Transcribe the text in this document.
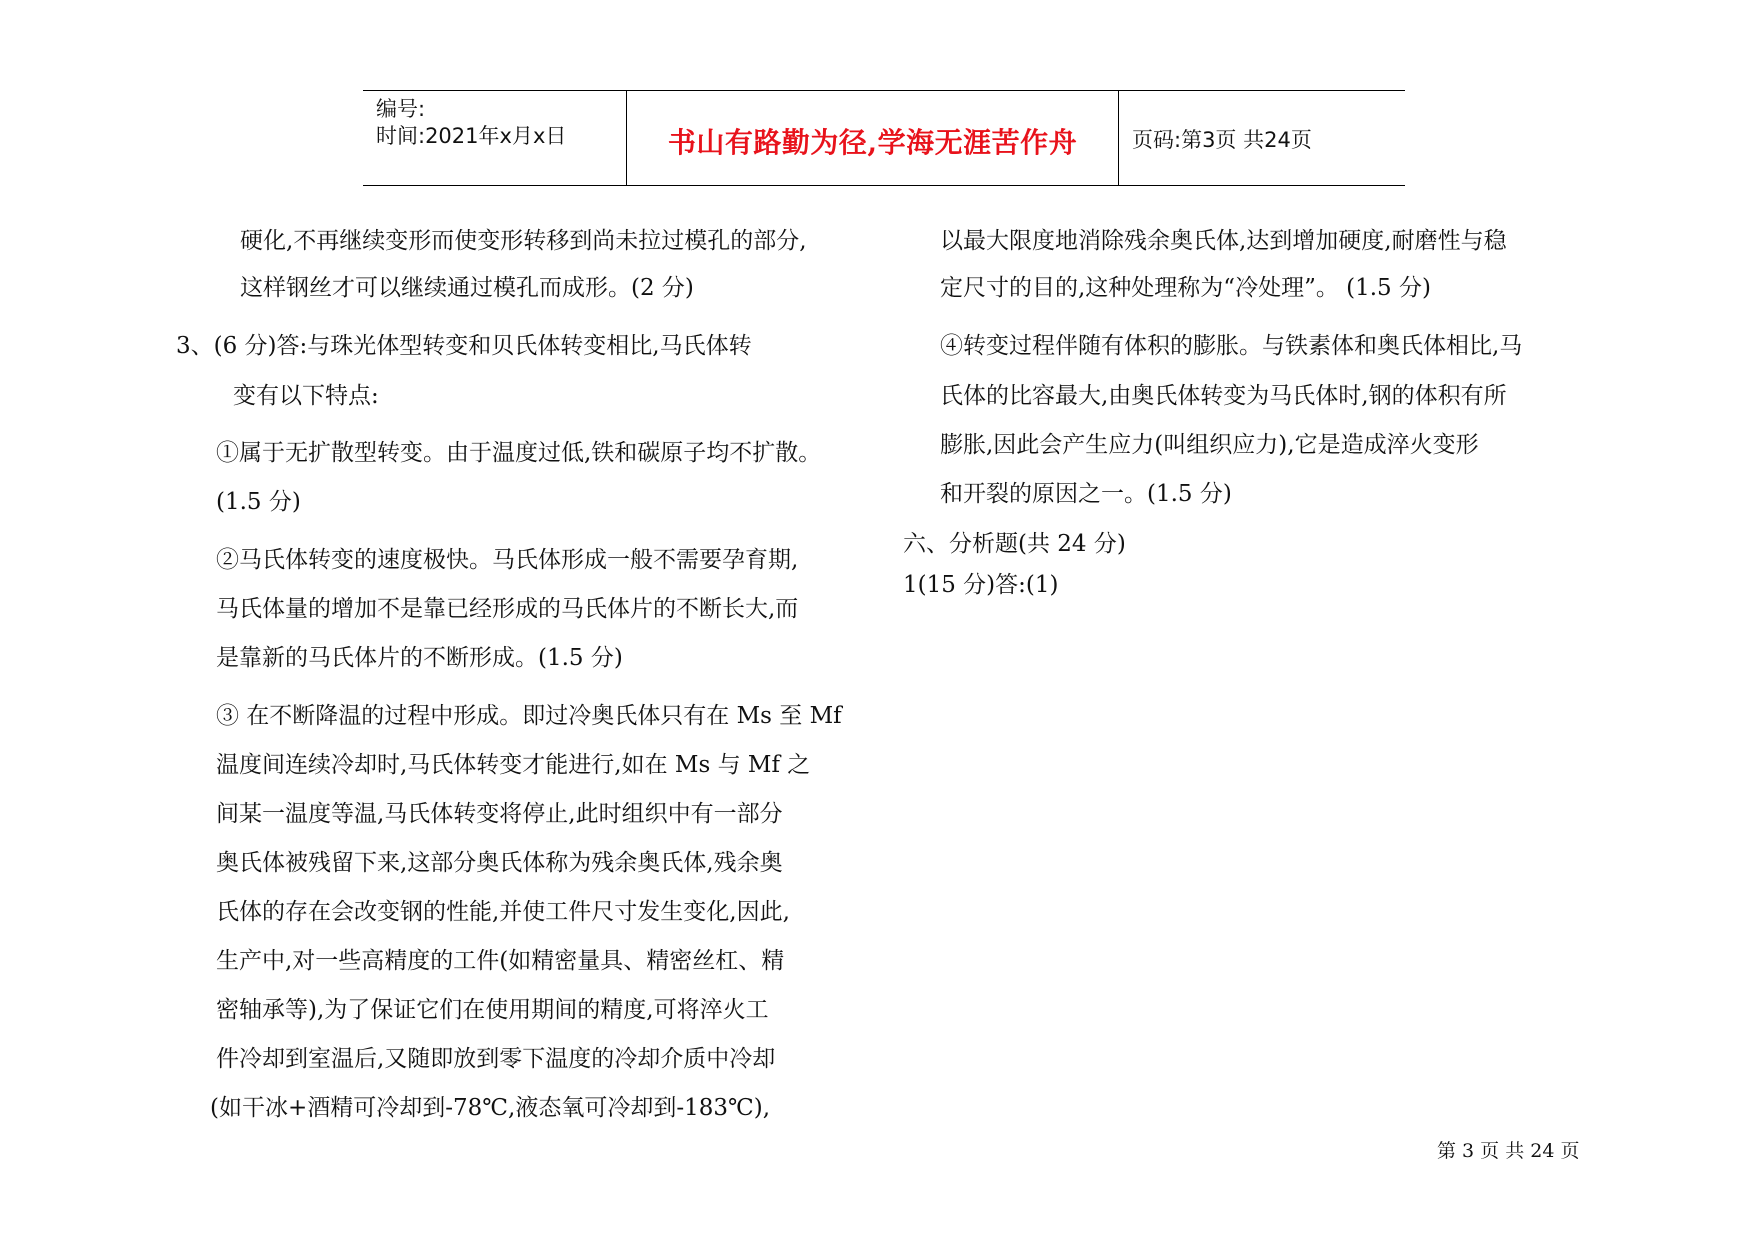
编号:
时间:2021年x月x日	书山有路勤为径,学海无涯苦作舟	页码:第3页 共24页

硬化,不再继续变形而使变形转移到尚未拉过模孔的部分,

这样钢丝才可以继续通过模孔而成形。(2 分)

3、(6 分)答:与珠光体型转变和贝氏体转变相比,马氏体转

变有以下特点:

①属于无扩散型转变。由于温度过低,铁和碳原子均不扩散。

(1.5 分)

②马氏体转变的速度极快。马氏体形成一般不需要孕育期,

马氏体量的增加不是靠已经形成的马氏体片的不断长大,而

是靠新的马氏体片的不断形成。(1.5 分)

③ 在不断降温的过程中形成。即过冷奥氏体只有在 Ms 至 Mf

温度间连续冷却时,马氏体转变才能进行,如在 Ms 与 Mf 之

间某一温度等温,马氏体转变将停止,此时组织中有一部分

奥氏体被残留下来,这部分奥氏体称为残余奥氏体,残余奥

氏体的存在会改变钢的性能,并使工件尺寸发生变化,因此,

生产中,对一些高精度的工件(如精密量具、精密丝杠、精

密轴承等),为了保证它们在使用期间的精度,可将淬火工

件冷却到室温后,又随即放到零下温度的冷却介质中冷却

(如干冰+酒精可冷却到-78℃,液态氧可冷却到-183℃),

以最大限度地消除残余奥氏体,达到增加硬度,耐磨性与稳

定尺寸的目的,这种处理称为“冷处理”。 (1.5 分)

④转变过程伴随有体积的膨胀。与铁素体和奥氏体相比,马

氏体的比容最大,由奥氏体转变为马氏体时,钢的体积有所

膨胀,因此会产生应力(叫组织应力),它是造成淬火变形

和开裂的原因之一。(1.5 分)

六、分析题(共 24 分)

1(15 分)答:(1)

第 3 页 共 24 页
